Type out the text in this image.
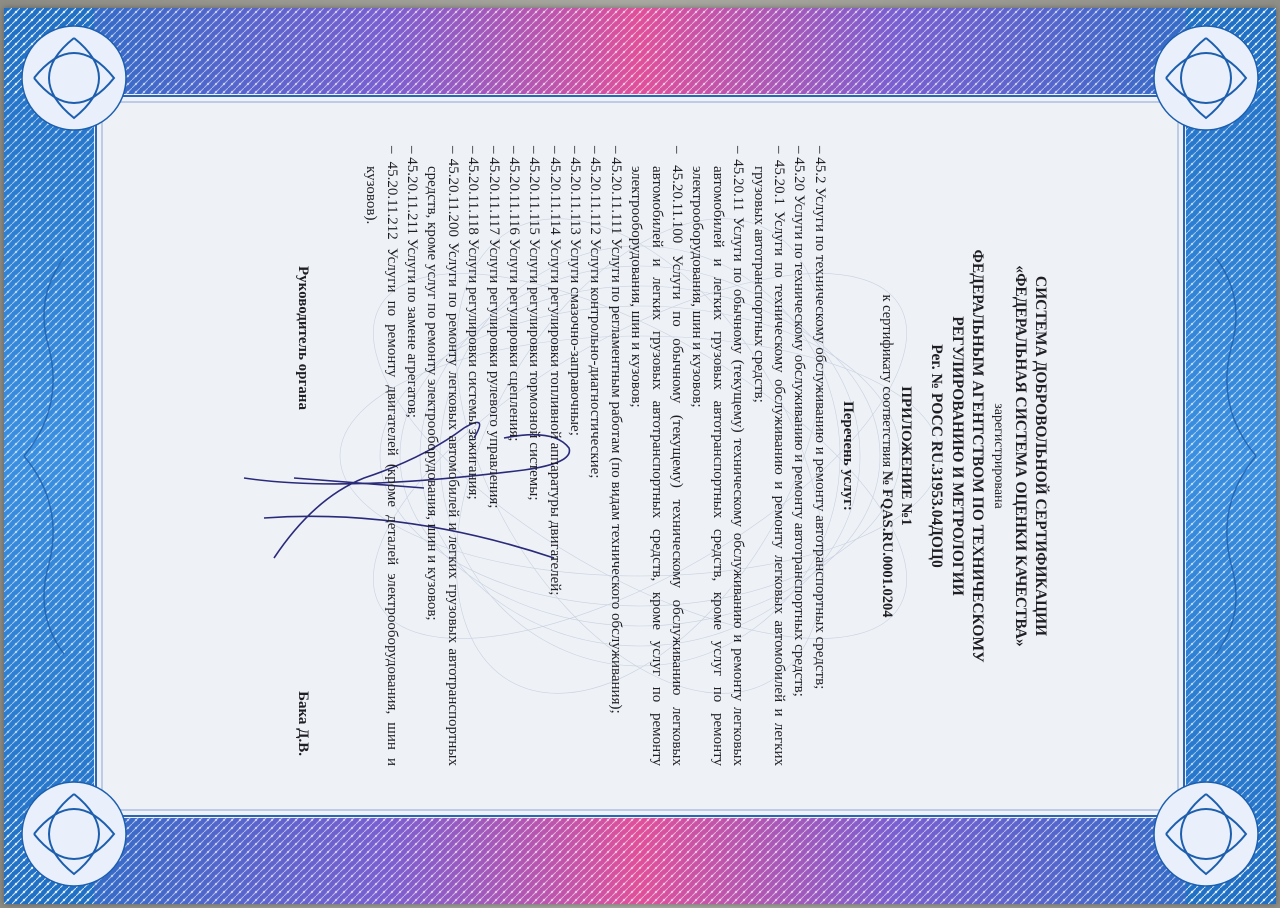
СИСТЕМА ДОБРОВОЛЬНОЙ СЕРТИФИКАЦИИ
«ФЕДЕРАЛЬНАЯ СИСТЕМА ОЦЕНКИ КАЧЕСТВА»
зарегистрирована
ФЕДЕРАЛЬНЫМ АГЕНТСТВОМ ПО ТЕХНИЧЕСКОМУ
РЕГУЛИРОВАНИЮ И МЕТРОЛОГИИ
Рег. № РОСС RU.31953.04ДОЦ0
ПРИЛОЖЕНИЕ №1
к сертификату соответствия № FQAS.RU.0001.0204
Перечень услуг:
– 45.2 Услуги по техническому обслуживанию и ремонту автотранспортных средств;
– 45.20 Услуги по техническому обслуживанию и ремонту автотранспортных средств;
– 45.20.1 Услуги по техническому обслуживанию и ремонту легковых автомобилей и легких грузовых автотранспортных средств;
– 45.20.11 Услуги по обычному (текущему) техническому обслуживанию и ремонту легковых автомобилей и легких грузовых автотранспортных средств, кроме услуг по ремонту электрооборудования, шин и кузовов;
– 45.20.11.100 Услуги по обычному (текущему) техническому обслуживанию легковых автомобилей и легких грузовых автотранспортных средств, кроме услуг по ремонту электрооборудования, шин и кузовов;
– 45.20.11.111 Услуги по регламентным работам (по видам технического обслуживания);
– 45.20.11.112 Услуги контрольно-диагностические;
– 45.20.11.113 Услуги смазочно-заправочные;
– 45.20.11.114 Услуги регулировки топливной аппаратуры двигателей;
– 45.20.11.115 Услуги регулировки тормозной системы;
– 45.20.11.116 Услуги регулировки сцепления;
– 45.20.11.117 Услуги регулировки рулевого управления;
– 45.20.11.118 Услуги регулировки системы зажигания;
– 45.20.11.200 Услуги по ремонту легковых автомобилей и легких грузовых автотранспортных средств, кроме услуг по ремонту электрооборудования, шин и кузовов;
– 45.20.11.211 Услуги по замене агрегатов;
– 45.20.11.212 Услуги по ремонту двигателей (кроме деталей электрооборудования, шин и кузовов).
Руководитель органа
Бака Д.В.
